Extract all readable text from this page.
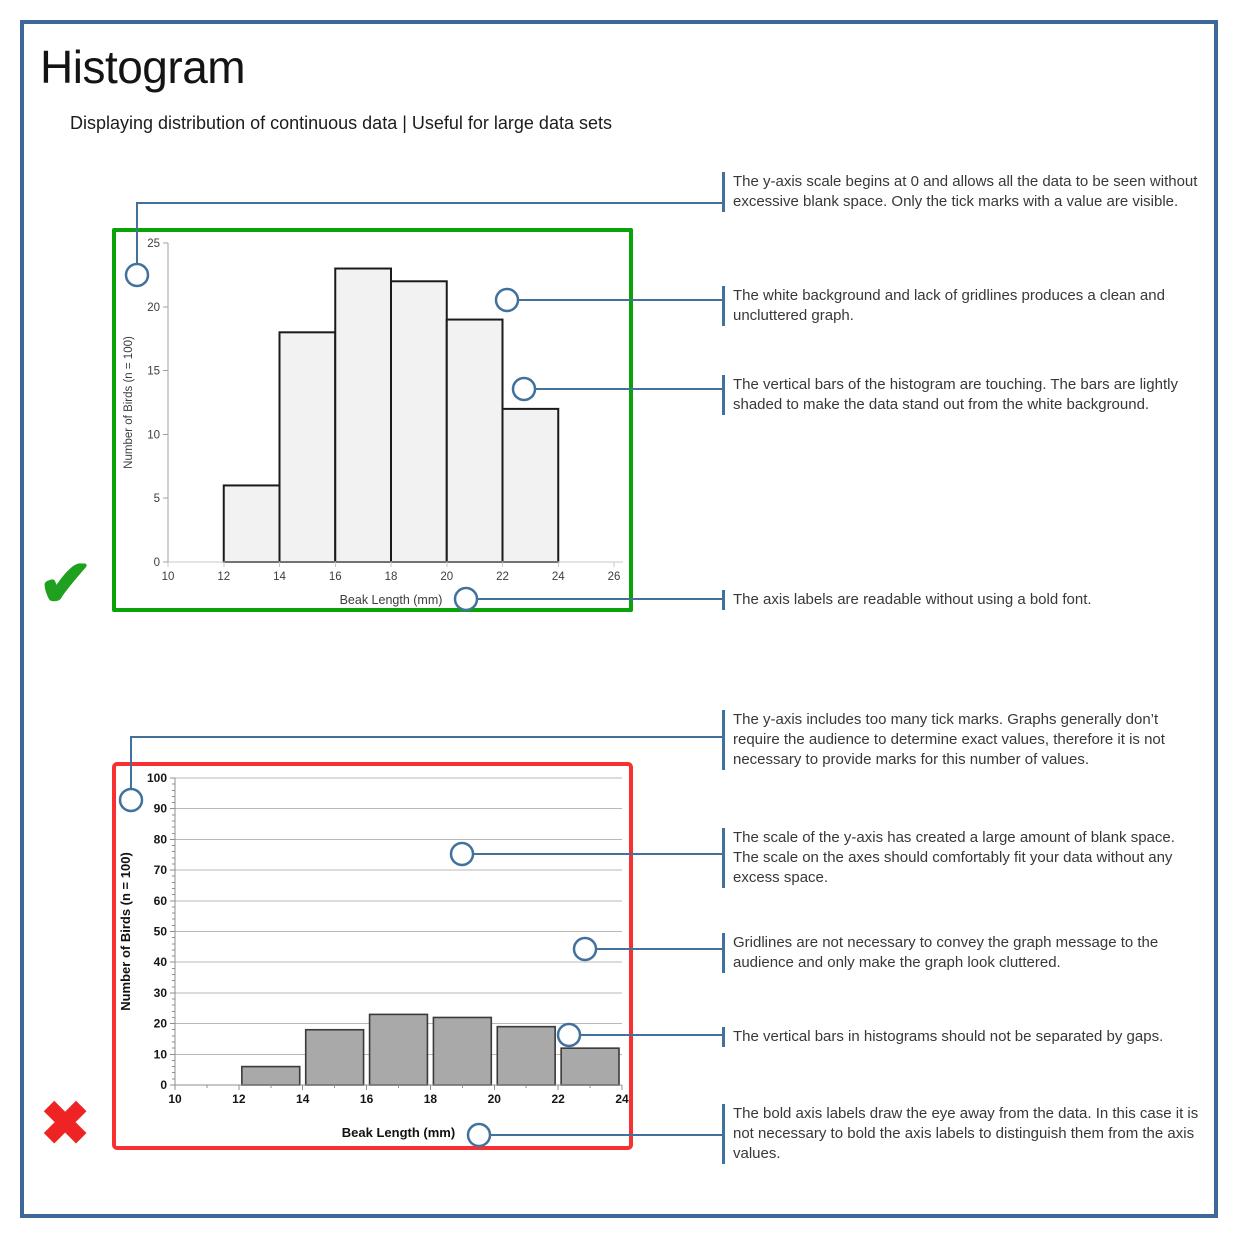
Histogram
Displaying distribution of continuous data | Useful for large data sets
0
5
10
15
20
25
10	12	14	16	18	20	22	24	26
Beak Length (mm)
Number of Birds (n = 100)
✔
0
10
20
30
40
50
60
70
80
90
100
10	12	14	16	18	20	22	24
Beak Length (mm)
Number of Birds (n = 100)
✖
The y-axis scale begins at 0 and allows all the data to be seen without excessive blank space. Only the tick marks with a value are visible.
The white background and lack of gridlines produces a clean and uncluttered graph.
The vertical bars of the histogram are touching. The bars are lightly shaded to make the data stand out from the white background.
The axis labels are readable without using a bold font.
The y-axis includes too many tick marks. Graphs generally don’t require the audience to determine exact values, therefore it is not necessary to provide marks for this number of values.
The scale of the y-axis has created a large amount of blank space. The scale on the axes should comfortably fit your data without any excess space.
Gridlines are not necessary to convey the graph message to the audience and only make the graph look cluttered.
The vertical bars in histograms should not be separated by gaps.
The bold axis labels draw the eye away from the data. In this case it is not necessary to bold the axis labels to distinguish them from the axis values.
